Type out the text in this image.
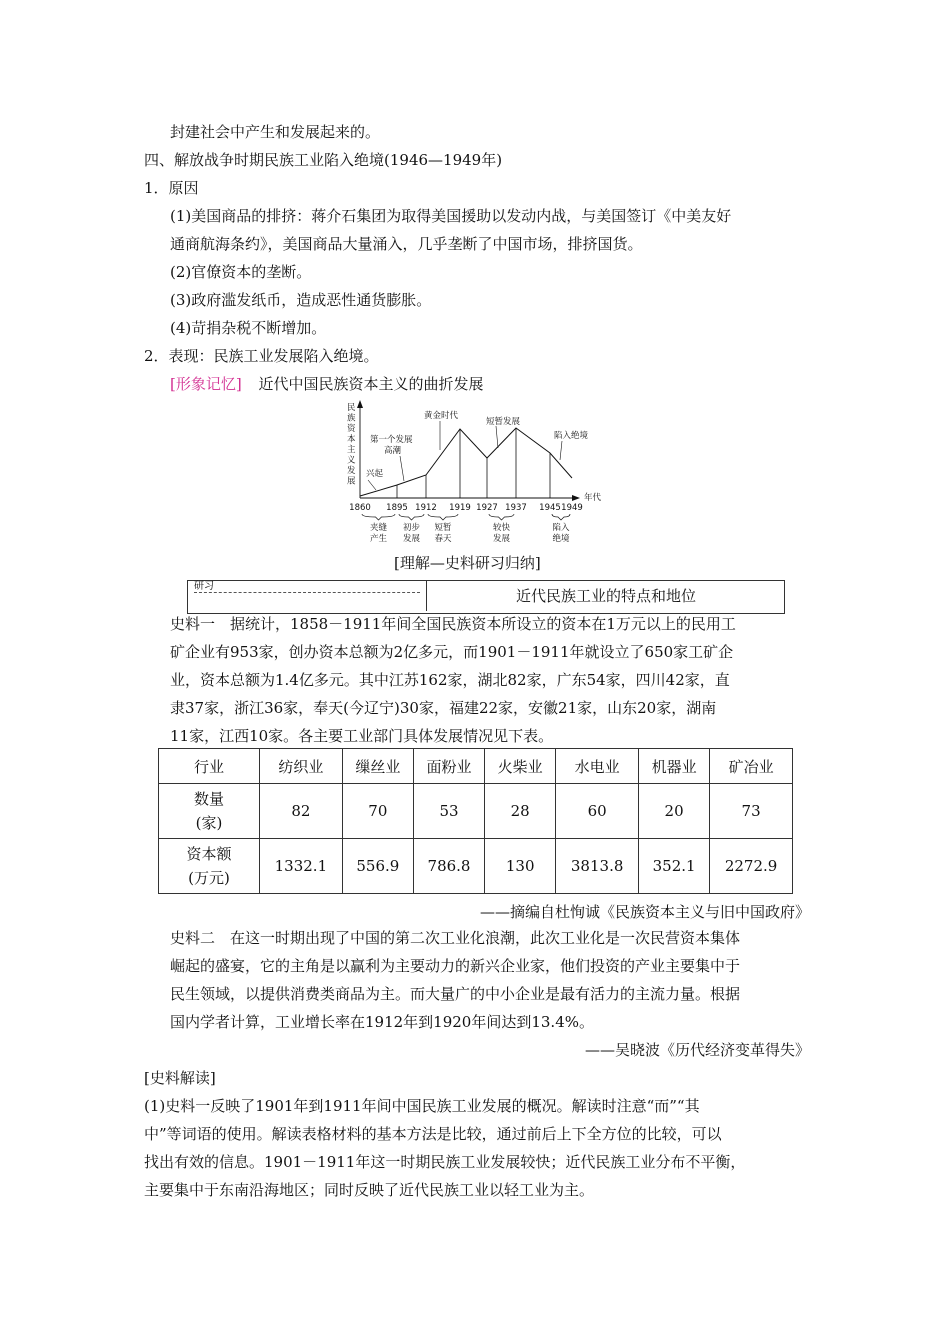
封建社会中产生和发展起来的。
四、解放战争时期民族工业陷入绝境(1946—1949年)
1．原因
(1)美国商品的排挤：蒋介石集团为取得美国援助以发动内战，与美国签订《中美友好
通商航海条约》，美国商品大量涌入，几乎垄断了中国市场，排挤国货。
(2)官僚资本的垄断。
(3)政府滥发纸币，造成恶性通货膨胀。
(4)苛捐杂税不断增加。
2．表现：民族工业发展陷入绝境。
[形象记忆] 近代中国民族资本主义的曲折发展
民族资本主义发展
年代
兴起
第一个发展
高潮
黄金时代
短暂发展
陷入绝境
1860 1895 1912 1919 1927 1937 1945 1949
夹缝
产生
初步
发展
短暂
春天
较快
发展
陷入
绝境
[理解—史料研习归纳]
研习
近代民族工业的特点和地位
史料一　据统计，1858－1911年间全国民族资本所设立的资本在1万元以上的民用工
矿企业有953家，创办资本总额为2亿多元，而1901－1911年就设立了650家工矿企
业，资本总额为1.4亿多元。其中江苏162家，湖北82家，广东54家，四川42家，直
隶37家，浙江36家，奉天(今辽宁)30家，福建22家，安徽21家，山东20家，湖南
11家，江西10家。各主要工业部门具体发展情况见下表。
行业	纺织业	缫丝业	面粉业	火柴业	水电业	机器业	矿冶业
数量
(家)	82	70	53	28	60	20	73
资本额
(万元)	1332.1	556.9	786.8	130	3813.8	352.1	2272.9
——摘编自杜恂诚《民族资本主义与旧中国政府》
史料二　在这一时期出现了中国的第二次工业化浪潮，此次工业化是一次民营资本集体
崛起的盛宴，它的主角是以赢利为主要动力的新兴企业家，他们投资的产业主要集中于
民生领域，以提供消费类商品为主。而大量广的中小企业是最有活力的主流力量。根据
国内学者计算，工业增长率在1912年到1920年间达到13.4%。
——吴晓波《历代经济变革得失》
[史料解读]
(1)史料一反映了1901年到1911年间中国民族工业发展的概况。解读时注意“而”“其
中”等词语的使用。解读表格材料的基本方法是比较，通过前后上下全方位的比较，可以
找出有效的信息。1901－1911年这一时期民族工业发展较快；近代民族工业分布不平衡，
主要集中于东南沿海地区；同时反映了近代民族工业以轻工业为主。
